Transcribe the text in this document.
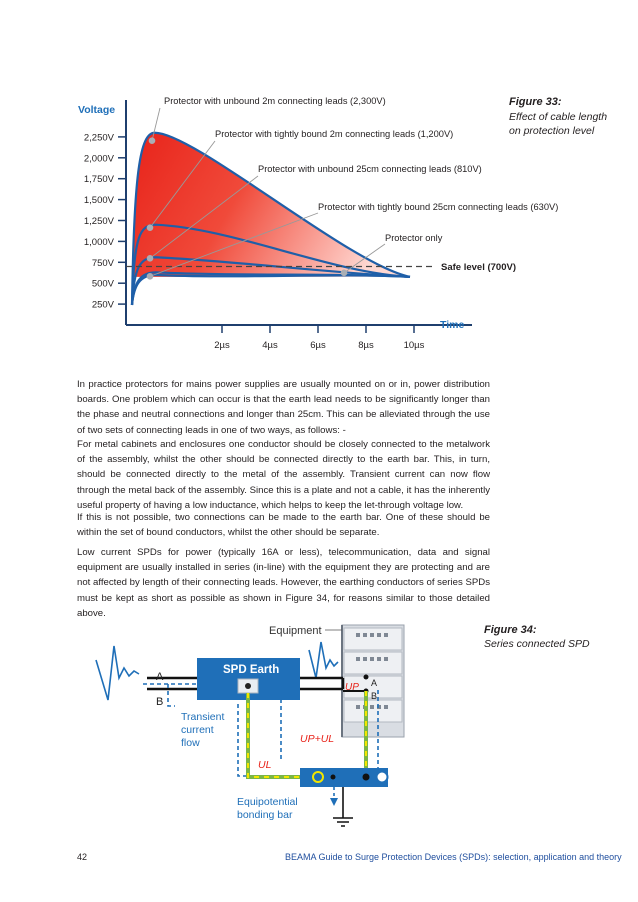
250V
500V
750V
1,000V
1,250V
1,500V
1,750V
2,000V
2,250V
2µs	4µs	6µs	8µs	10µs
Voltage
Time
Safe level (700V)
Protector with unbound 2m connecting leads (2,300V)
Protector with tightly bound 2m connecting leads (1,200V)
Protector with unbound 25cm connecting leads (810V)
Protector with tightly bound 25cm connecting leads (630V)
Protector only
Figure 33:
Effect of cable length
on protection level

In practice protectors for mains power supplies are usually mounted on or in, power distribution boards. One problem which can occur is that the earth lead needs to be significantly longer than the phase and neutral connections and longer than 25cm. This can be alleviated through the use of two sets of connecting leads in one of two ways, as follows: -

For metal cabinets and enclosures one conductor should be closely connected to the metalwork of the assembly, whilst the other should be connected directly to the earth bar. This, in turn, should be connected directly to the metal of the assembly. Transient current can now flow through the metal back of the assembly. Since this is a plate and not a cable, it has the inherently useful property of having a low inductance, which helps to keep the let-through voltage low.

If this is not possible, two connections can be made to the earth bar. One of these should be within the set of bound conductors, whilst the other should be separate.

Low current SPDs for power (typically 16A or less), telecommunication, data and signal equipment are usually installed in series (in-line) with the equipment they are protecting and are not affected by length of their connecting leads. However, the earthing conductors of series SPDs must be kept as short as possible as shown in Figure 34, for reasons similar to those detailed above.

Equipment
SPD Earth
A
B
A
B
UP
UP+UL
UL
Transient
current
flow
Equipotential
bonding bar
Figure 34:
Series connected SPD
42	BEAMA Guide to Surge Protection Devices (SPDs): selection, application and theory
